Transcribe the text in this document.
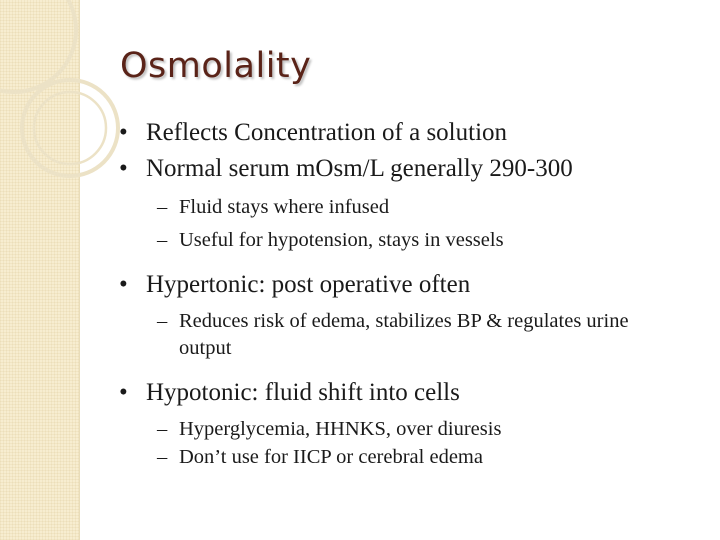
Osmolality
• Reflects Concentration of a solution
• Normal serum mOsm/L generally 290-300
– Fluid stays where infused
– Useful for hypotension, stays in vessels
• Hypertonic: post operative often
– Reduces risk of edema, stabilizes BP & regulates urine output
• Hypotonic: fluid shift into cells
– Hyperglycemia, HHNKS, over diuresis
– Don’t use for IICP or cerebral edema
